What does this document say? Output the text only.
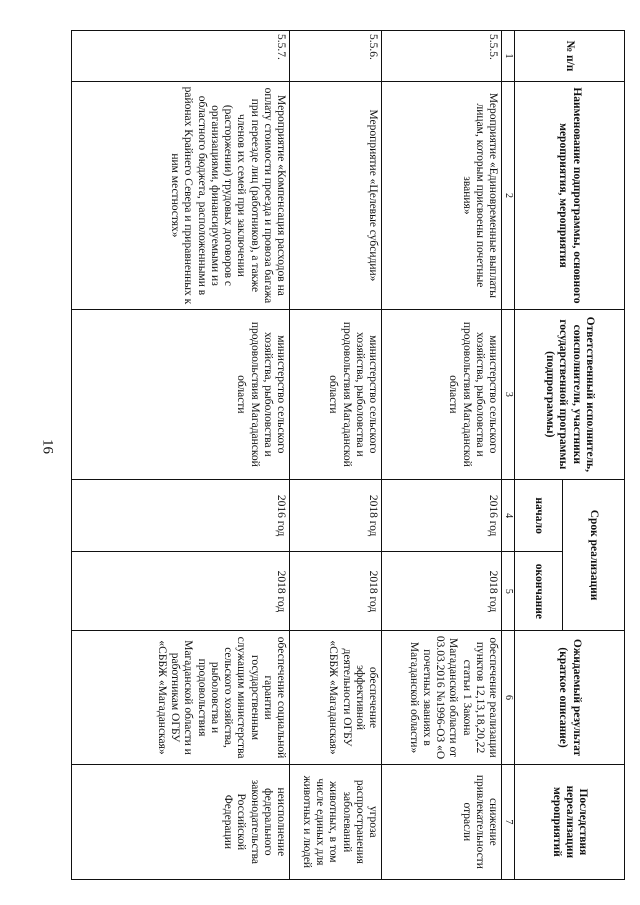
16
№ п/п	Наименование подпрограммы, основного мероприятия, мероприятия	Ответственный исполнитель, соисполнители, участники государственной программы (подпрограммы)	Срок реализации		Ожидаемый результат (краткое описание)	Последствия нереализации мероприятий
			начало	окончание		
1	2	3	4	5	6	7
5.5.5.	Мероприятие «Единовременные выплаты лицам, которым присвоены почетные звания»	министерство сельского хозяйства, рыболовства и продовольствия Магаданской области	2016 год	2018 год	обеспечение реализации пунктов 12,13,18,20,22 статьи 1 Закона Магаданской области от 03.03.2016 №1996-ОЗ «О почетных званиях в Магаданской области»	снижение привлекательности отрасли
5.5.6.	Мероприятие «Целевые субсидии»	министерство сельского хозяйства, рыболовства и продовольствия Магаданской области	2018 год	2018 год	обеспечение эффективной деятельности ОГБУ «СББЖ «Магаданская»	угроза распространения заболеваний животных, в том числе единых для животных и людей
5.5.7.	Мероприятие «Компенсация расходов на оплату стоимости проезда и провоза багажа при переезде лиц (работников), а также членов их семей при заключении (расторжении) трудовых договоров с организациями, финансируемыми из областного бюджета, расположенными в районах Крайнего Севера и приравненных к ним местностях»	министерство сельского хозяйства, рыболовства и продовольствия Магаданской области	2016 год	2018 год	обеспечение социальной гарантии государственным служащим министерства сельского хозяйства, рыболовства и продовольствия Магаданской области и работникам ОГБУ «СББЖ «Магаданская»	неисполнение федерального законодательства Российской Федерации
